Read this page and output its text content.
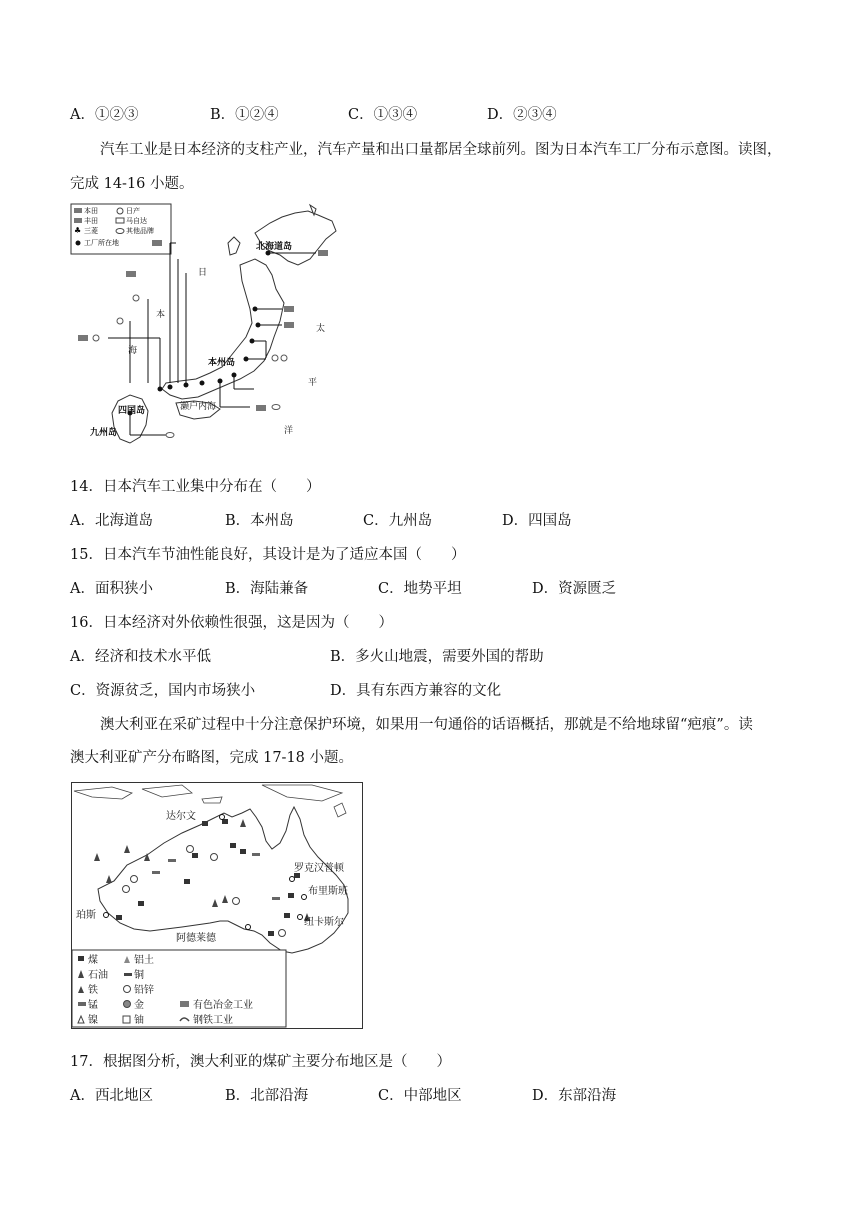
A．①②③	B．①②④	C．①③④	D．②③④
汽车工业是日本经济的支柱产业，汽车产量和出口量都居全球前列。图为日本汽车工厂分布示意图。读图，
完成 14-16 小题。
本田	日产
丰田	马自达
♣ 三菱	其他品牌
工厂所在地	北海道岛
本州岛
四国岛
九州岛
濑户内海
日
本
海
太
平
洋
14．日本汽车工业集中分布在（　　）
A．北海道岛	B．本州岛	C．九州岛	D．四国岛
15．日本汽车节油性能良好，其设计是为了适应本国（　　）
A．面积狭小	B．海陆兼备	C．地势平坦	D．资源匮乏
16．日本经济对外依赖性很强，这是因为（　　）
A．经济和技术水平低	B．多火山地震，需要外国的帮助
C．资源贫乏，国内市场狭小	D．具有东西方兼容的文化
澳大利亚在采矿过程中十分注意保护环境，如果用一句通俗的话语概括，那就是不给地球留“疤痕”。读
澳大利亚矿产分布略图，完成 17-18 小题。
达尔文
罗克汉普顿
布里斯班
纽卡斯尔
珀斯
阿德莱德
煤	铝土
石油	铜
铁	铅锌
锰	金	有色冶金工业
镍	铀	钢铁工业
17．根据图分析，澳大利亚的煤矿主要分布地区是（　　）
A．西北地区	B．北部沿海	C．中部地区	D．东部沿海
